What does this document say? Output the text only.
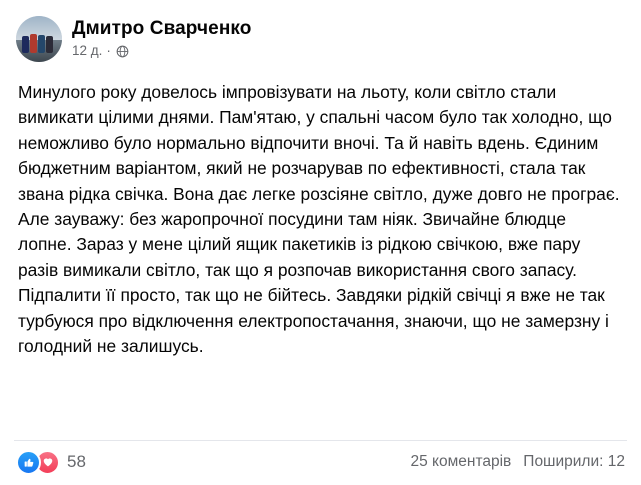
Дмитро Сварченко
12 д. ·
Минулого року довелось імпровізувати на льоту, коли світло стали вимикати цілими днями. Пам'ятаю, у спальні часом було так холодно, що неможливо було нормально відпочити вночі. Та й навіть вдень. Єдиним бюджетним варіантом, який не розчарував по ефективності, стала так звана рідка свічка. Вона дає легке розсіяне світло, дуже довго не програє. Але зауважу: без жаропрочної посудини там ніяк. Звичайне блюдце лопне. Зараз у мене цілий ящик пакетиків із рідкою свічкою, вже пару разів вимикали світло, так що я розпочав використання свого запасу. Підпалити її просто, так що не бійтесь. Завдяки рідкій свічці я вже не так турбуюся про відключення електропостачання, знаючи, що не замерзну і голодний не залишусь.
58	25 коментарів Поширили: 12
